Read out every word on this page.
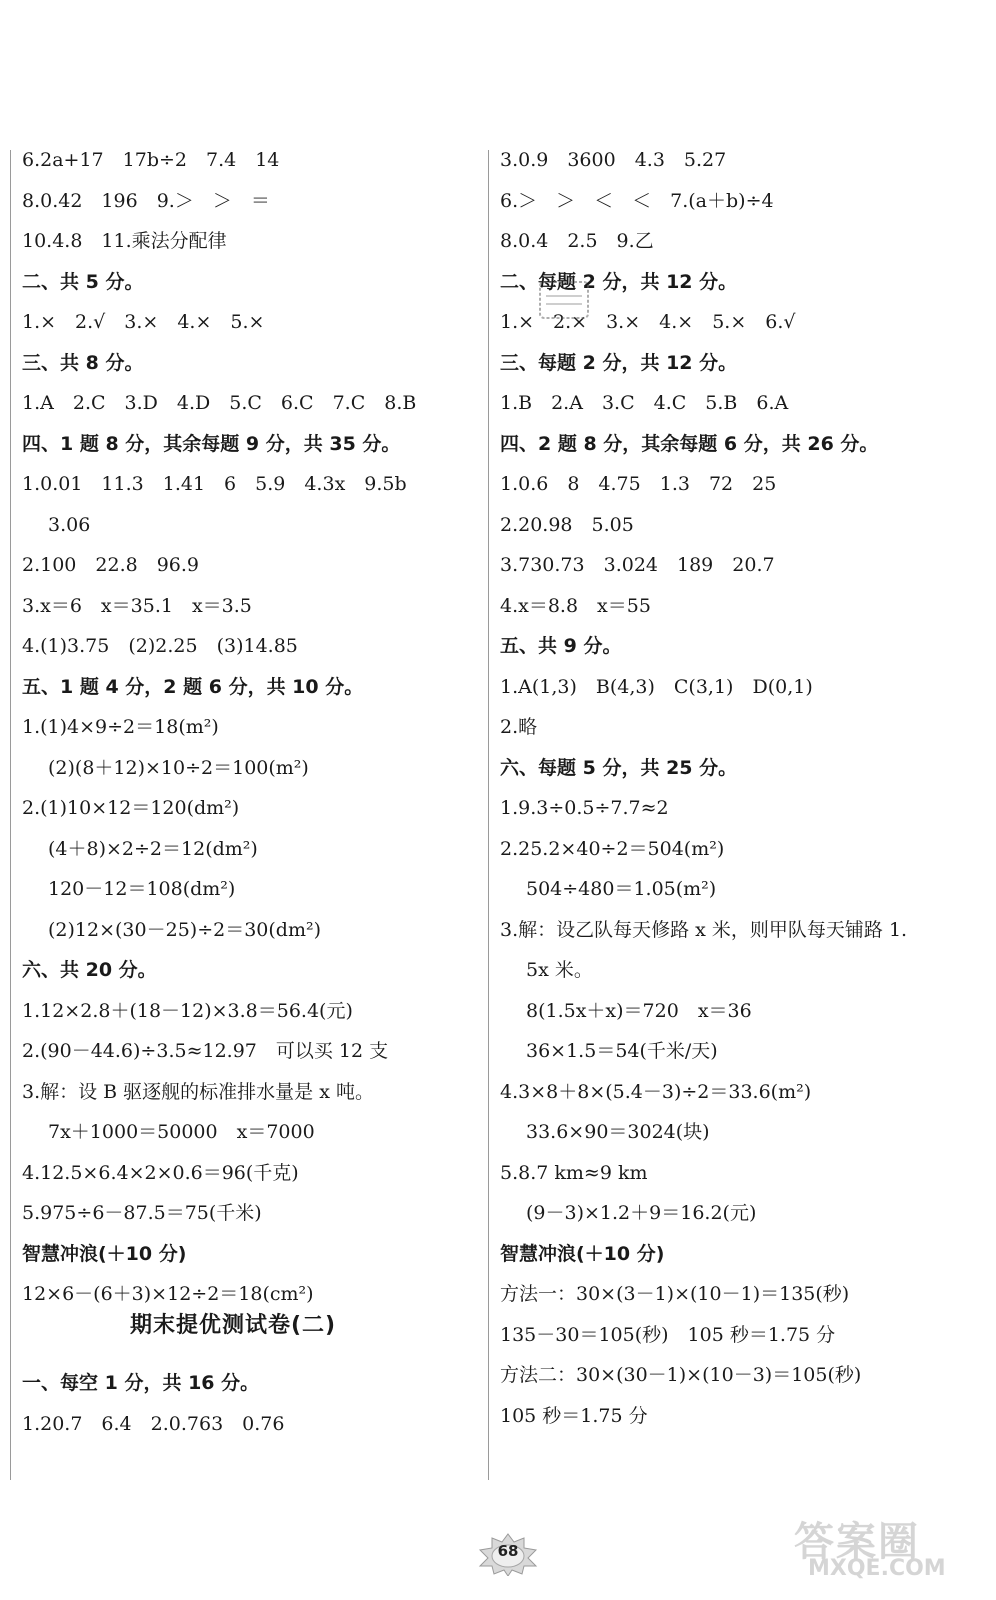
6.2a+17　17b÷2　7.4　14
8.0.42　196　9.＞　＞　＝
10.4.8　11.乘法分配律
二、共 5 分。
1.×　2.√　3.×　4.×　5.×
三、共 8 分。
1.A　2.C　3.D　4.D　5.C　6.C　7.C　8.B
四、1 题 8 分，其余每题 9 分，共 35 分。
1.0.01　11.3　1.41　6　5.9　4.3x　9.5b
3.06
2.100　22.8　96.9
3.x＝6　x＝35.1　x＝3.5
4.(1)3.75　(2)2.25　(3)14.85
五、1 题 4 分，2 题 6 分，共 10 分。
1.(1)4×9÷2＝18(m²)
(2)(8＋12)×10÷2＝100(m²)
2.(1)10×12＝120(dm²)
(4＋8)×2÷2＝12(dm²)
120－12＝108(dm²)
(2)12×(30－25)÷2＝30(dm²)
六、共 20 分。
1.12×2.8＋(18－12)×3.8＝56.4(元)
2.(90－44.6)÷3.5≈12.97　可以买 12 支
3.解：设 B 驱逐舰的标准排水量是 x 吨。
7x＋1000＝50000　x＝7000
4.12.5×6.4×2×0.6＝96(千克)
5.975÷6－87.5＝75(千米)
智慧冲浪(＋10 分)
12×6－(6＋3)×12÷2＝18(cm²)
期末提优测试卷(二)
一、每空 1 分，共 16 分。
1.20.7　6.4　2.0.763　0.76
3.0.9　3600　4.3　5.27
6.＞　＞　＜　＜　7.(a＋b)÷4
8.0.4　2.5　9.乙
二、每题 2 分，共 12 分。
1.×　2.×　3.×　4.×　5.×　6.√
三、每题 2 分，共 12 分。
1.B　2.A　3.C　4.C　5.B　6.A
四、2 题 8 分，其余每题 6 分，共 26 分。
1.0.6　8　4.75　1.3　72　25
2.20.98　5.05
3.730.73　3.024　189　20.7
4.x＝8.8　x＝55
五、共 9 分。
1.A(1,3)　B(4,3)　C(3,1)　D(0,1)
2.略
六、每题 5 分，共 25 分。
1.9.3÷0.5÷7.7≈2
2.25.2×40÷2＝504(m²)
504÷480＝1.05(m²)
3.解：设乙队每天修路 x 米，则甲队每天铺路 1.
5x 米。
8(1.5x＋x)＝720　x＝36
36×1.5＝54(千米/天)
4.3×8＋8×(5.4－3)÷2＝33.6(m²)
33.6×90＝3024(块)
5.8.7 km≈9 km
(9－3)×1.2＋9＝16.2(元)
智慧冲浪(＋10 分)
方法一：30×(3－1)×(10－1)＝135(秒)
135－30＝105(秒)　105 秒＝1.75 分
方法二：30×(30－1)×(10－3)＝105(秒)
105 秒＝1.75 分
68	答案圈
MXQE.COM
